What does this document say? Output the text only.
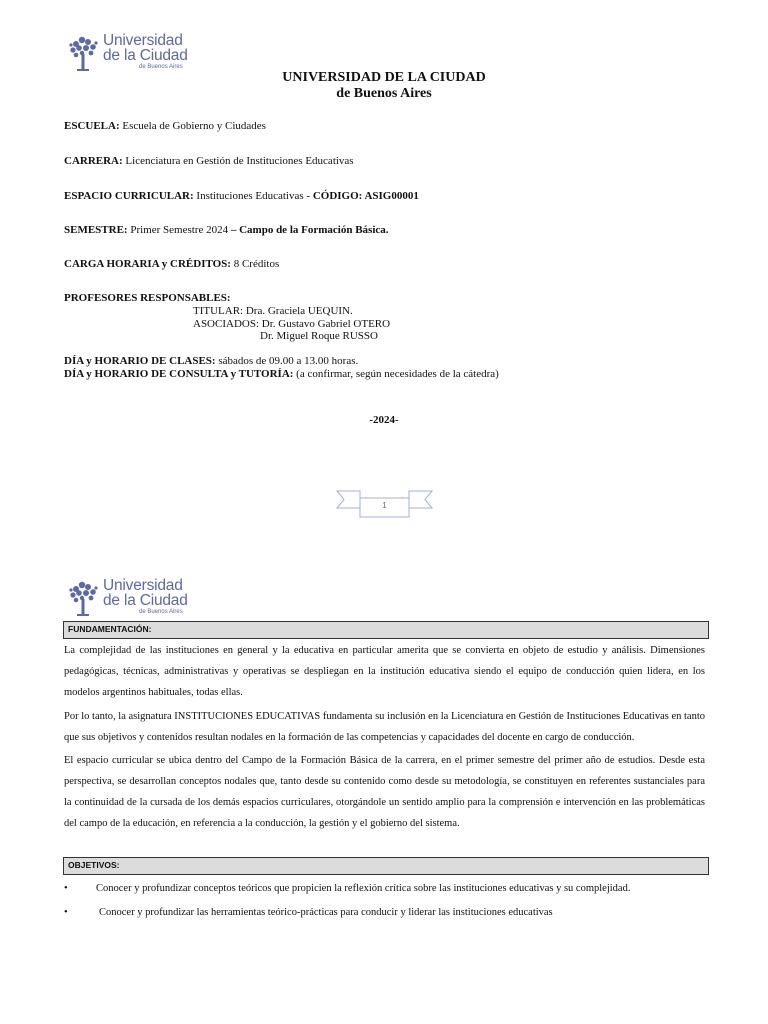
Universidad
de la Ciudad
de Buenos Aires
UNIVERSIDAD DE LA CIUDAD
de Buenos Aires
ESCUELA: Escuela de Gobierno y Ciudades
CARRERA: Licenciatura en Gestión de Instituciones Educativas
ESPACIO CURRICULAR: Instituciones Educativas - CÓDIGO: ASIG00001
SEMESTRE: Primer Semestre 2024 – Campo de la Formación Básica.
CARGA HORARIA y CRÉDITOS: 8 Créditos
PROFESORES RESPONSABLES:
TITULAR: Dra. Graciela UEQUIN.
ASOCIADOS: Dr. Gustavo Gabriel OTERO
Dr. Miguel Roque RUSSO
DÍA y HORARIO DE CLASES: sábados de 09.00 a 13.00 horas.
DÍA y HORARIO DE CONSULTA y TUTORÍA: (a confirmar, según necesidades de la cátedra)
-2024-
1
Universidad
de la Ciudad
de Buenos Aires
FUNDAMENTACIÓN:
La complejidad de las instituciones en general y la educativa en particular amerita que se convierta en objeto de estudio y análisis. Dimensiones pedagógicas, técnicas, administrativas y operativas se despliegan en la institución educativa siendo el equipo de conducción quien lidera, en los modelos argentinos habituales, todas ellas.
Por lo tanto, la asignatura INSTITUCIONES EDUCATIVAS fundamenta su inclusión en la Licenciatura en Gestión de Instituciones Educativas en tanto que sus objetivos y contenidos resultan nodales en la formación de las competencias y capacidades del docente en cargo de conducción.
El espacio curricular se ubica dentro del Campo de la Formación Básica de la carrera, en el primer semestre del primer año de estudios. Desde esta perspectiva, se desarrollan conceptos nodales que, tanto desde su contenido como desde su metodología, se constituyen en referentes sustanciales para la continuidad de la cursada de los demás espacios curriculares, otorgándole un sentido amplio para la comprensión e intervención en las problemáticas del campo de la educación, en referencia a la conducción, la gestión y el gobierno del sistema.
OBJETIVOS:
•	Conocer y profundizar conceptos teóricos que propicien la reflexión crítica sobre las instituciones educativas y su complejidad.
•	Conocer y profundizar las herramientas teórico-prácticas para conducir y liderar las instituciones educativas
